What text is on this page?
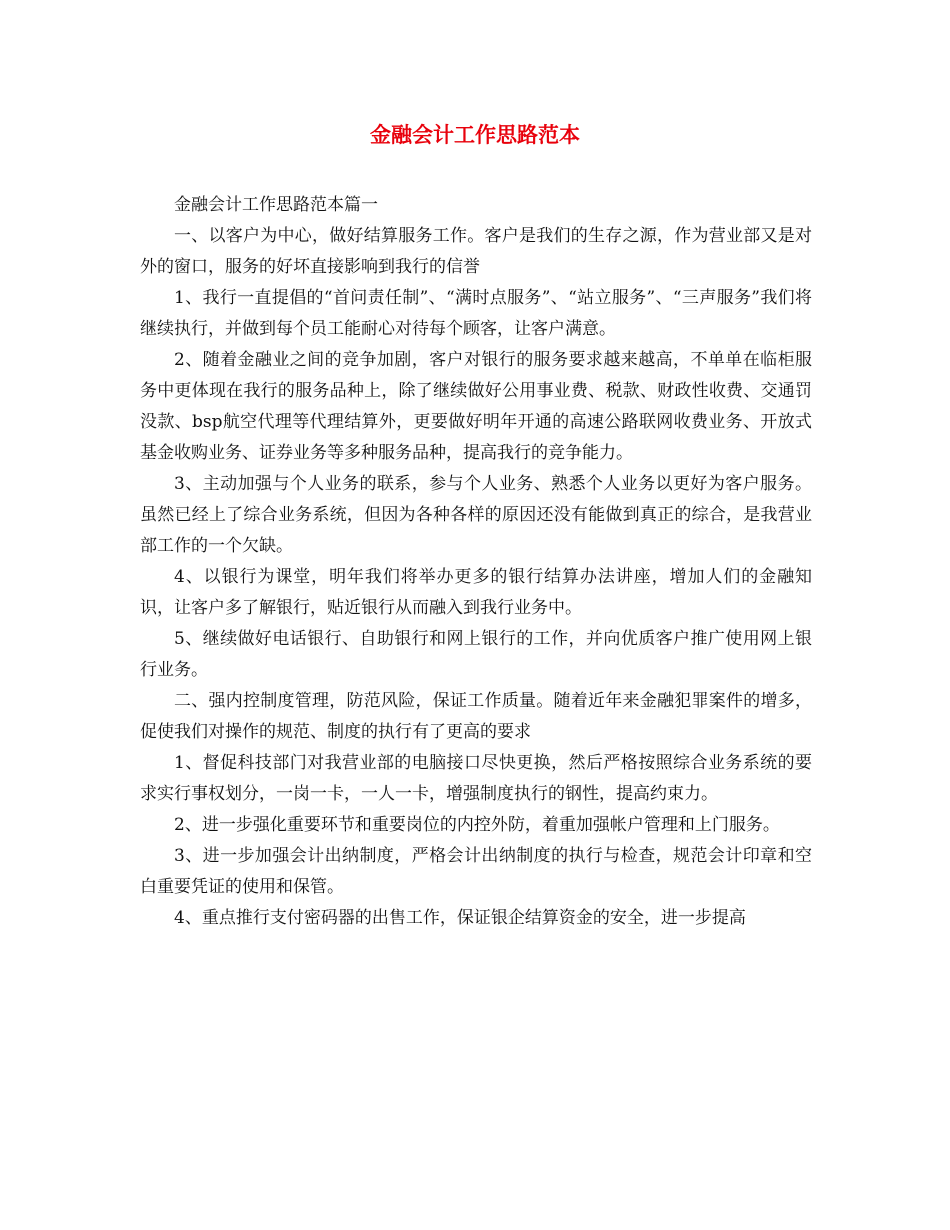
金融会计工作思路范本

金融会计工作思路范本篇一

一、以客户为中心，做好结算服务工作。客户是我们的生存之源，作为营业部又是对外的窗口，服务的好坏直接影响到我行的信誉

1、我行一直提倡的“首问责任制”、“满时点服务”、“站立服务”、“三声服务”我们将继续执行，并做到每个员工能耐心对待每个顾客，让客户满意。

2、随着金融业之间的竞争加剧，客户对银行的服务要求越来越高，不单单在临柜服务中更体现在我行的服务品种上，除了继续做好公用事业费、税款、财政性收费、交通罚没款、bsp航空代理等代理结算外，更要做好明年开通的高速公路联网收费业务、开放式基金收购业务、证券业务等多种服务品种，提高我行的竞争能力。

3、主动加强与个人业务的联系，参与个人业务、熟悉个人业务以更好为客户服务。虽然已经上了综合业务系统，但因为各种各样的原因还没有能做到真正的综合，是我营业部工作的一个欠缺。

4、以银行为课堂，明年我们将举办更多的银行结算办法讲座，增加人们的金融知识，让客户多了解银行，贴近银行从而融入到我行业务中。

5、继续做好电话银行、自助银行和网上银行的工作，并向优质客户推广使用网上银行业务。

二、强内控制度管理，防范风险，保证工作质量。随着近年来金融犯罪案件的增多，促使我们对操作的规范、制度的执行有了更高的要求

1、督促科技部门对我营业部的电脑接口尽快更换，然后严格按照综合业务系统的要求实行事权划分，一岗一卡，一人一卡，增强制度执行的钢性，提高约束力。

2、进一步强化重要环节和重要岗位的内控外防，着重加强帐户管理和上门服务。

3、进一步加强会计出纳制度，严格会计出纳制度的执行与检查，规范会计印章和空白重要凭证的使用和保管。

4、重点推行支付密码器的出售工作，保证银企结算资金的安全，进一步提高
